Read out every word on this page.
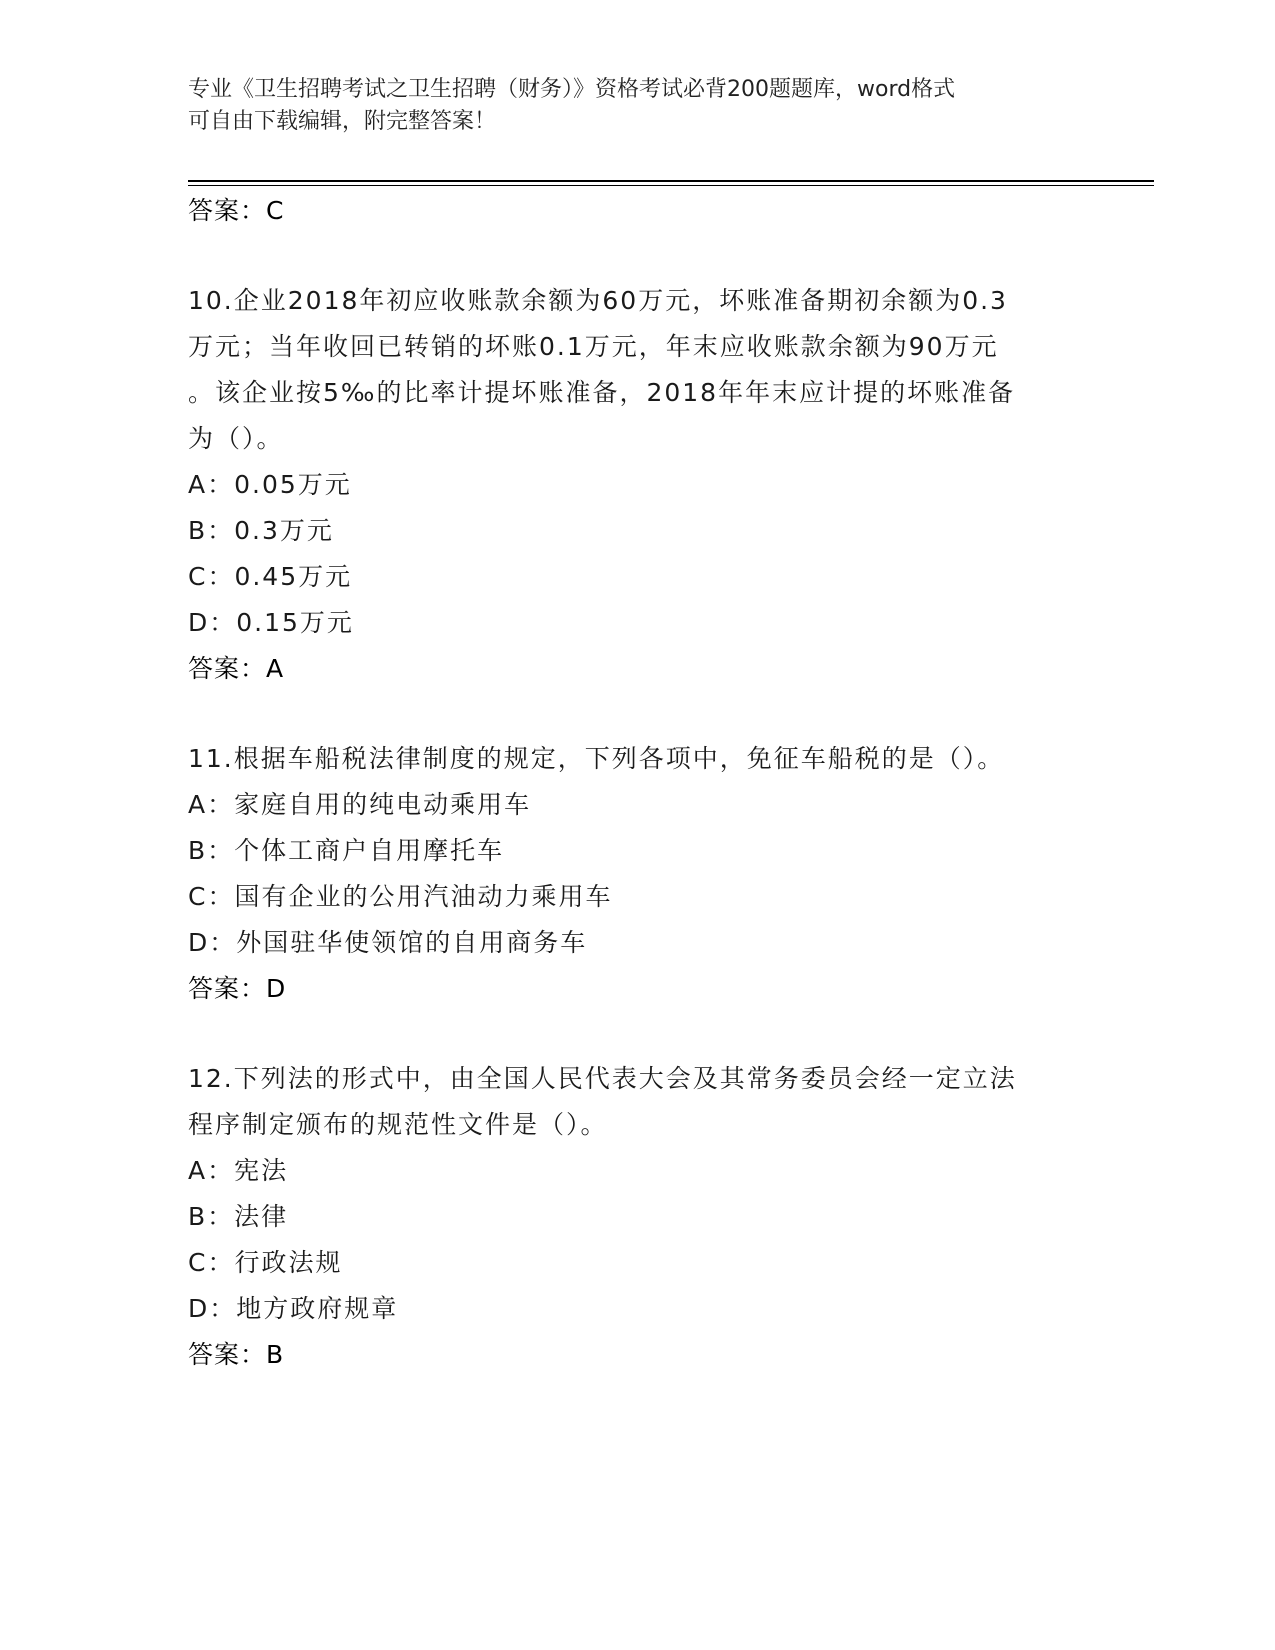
专业《卫生招聘考试之卫生招聘（财务）》资格考试必背200题题库，word格式
可自由下载编辑，附完整答案！
答案：C
10.企业2018年初应收账款余额为60万元，坏账准备期初余额为0.3
万元；当年收回已转销的坏账0.1万元，年末应收账款余额为90万元
。该企业按5‰的比率计提坏账准备，2018年年末应计提的坏账准备
为（）。
A：0.05万元
B：0.3万元
C：0.45万元
D：0.15万元
答案：A
11.根据车船税法律制度的规定，下列各项中，免征车船税的是（）。
A：家庭自用的纯电动乘用车
B：个体工商户自用摩托车
C：国有企业的公用汽油动力乘用车
D：外国驻华使领馆的自用商务车
答案：D
12.下列法的形式中，由全国人民代表大会及其常务委员会经一定立法
程序制定颁布的规范性文件是（）。
A：宪法
B：法律
C：行政法规
D：地方政府规章
答案：B
